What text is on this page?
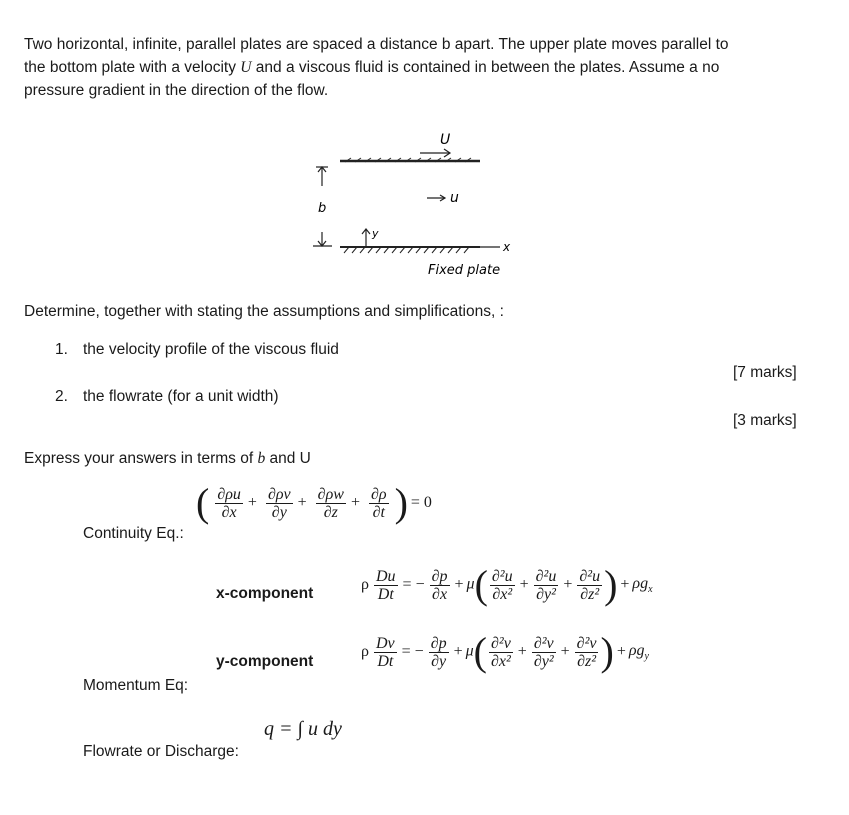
Two horizontal, infinite, parallel plates are spaced a distance b apart. The upper plate moves parallel to
the bottom plate with a velocity U and a viscous fluid is contained in between the plates. Assume a no
pressure gradient in the direction of the flow.
U
u
b
y
x
Fixed plate
Determine, together with stating the assumptions and simplifications, :
1. the velocity profile of the viscous fluid
[7 marks]
2. the flowrate (for a unit width)
[3 marks]
Express your answers in terms of b and U
( $\frac{\partial\rho u}{\partial x} + \frac{\partial\rho v}{\partial y} + \frac{\partial\rho w}{\partial z} + \frac{\partial\rho}{\partial t}$ ) = 0
Continuity Eq.:
x-component
ρ $\frac{Du}{Dt}$ = − $\frac{\partial p}{\partial x} + \mu( \frac{\text{∂²u}}{\text{∂x²}} + \frac{\text{∂²u}}{\text{∂y²}} + \frac{\text{∂²u}}{\text{∂z²}}$ ) + $\rho g_x$
y-component
ρ $\frac{Dv}{Dt}$ = − $\frac{\partial p}{\partial y} + \mu( \frac{\text{∂²v}}{\text{∂x²}} + \frac{\text{∂²v}}{\text{∂y²}} + \frac{\text{∂²v}}{\text{∂z²}}$ ) + $\rho g_y$
Momentum Eq:
q = ∫ u dy
Flowrate or Discharge:
